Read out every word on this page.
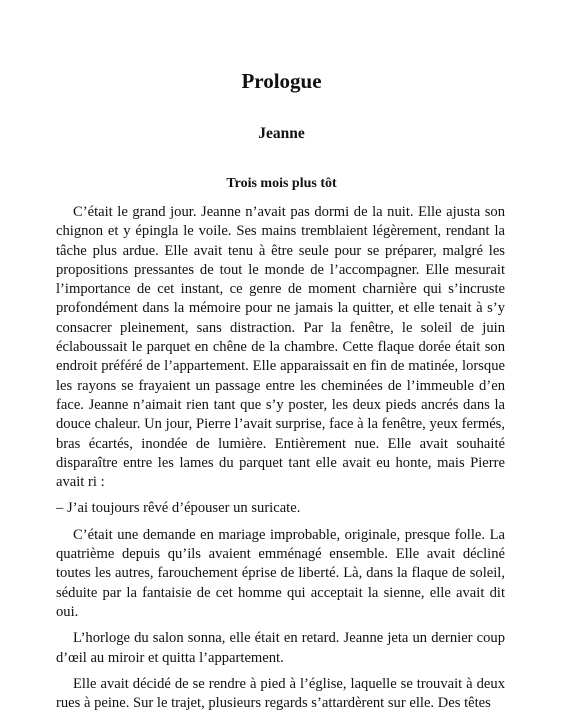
Prologue
Jeanne
Trois mois plus tôt

C’était le grand jour. Jeanne n’avait pas dormi de la nuit. Elle ajusta son chignon et y épingla le voile. Ses mains tremblaient légèrement, rendant la tâche plus ardue. Elle avait tenu à être seule pour se préparer, malgré les propositions pressantes de tout le monde de l’accompagner. Elle mesurait l’importance de cet instant, ce genre de moment charnière qui s’incruste profondément dans la mémoire pour ne jamais la quitter, et elle tenait à s’y consacrer pleinement, sans distraction. Par la fenêtre, le soleil de juin éclaboussait le parquet en chêne de la chambre. Cette flaque dorée était son endroit préféré de l’appartement. Elle apparaissait en fin de matinée, lorsque les rayons se frayaient un passage entre les cheminées de l’immeuble d’en face. Jeanne n’aimait rien tant que s’y poster, les deux pieds ancrés dans la douce chaleur. Un jour, Pierre l’avait surprise, face à la fenêtre, yeux fermés, bras écartés, inondée de lumière. Entièrement nue. Elle avait souhaité disparaître entre les lames du parquet tant elle avait eu honte, mais Pierre avait ri :

– J’ai toujours rêvé d’épouser un suricate.

C’était une demande en mariage improbable, originale, presque folle. La quatrième depuis qu’ils avaient emménagé ensemble. Elle avait décliné toutes les autres, farouchement éprise de liberté. Là, dans la flaque de soleil, séduite par la fantaisie de cet homme qui acceptait la sienne, elle avait dit oui.

L’horloge du salon sonna, elle était en retard. Jeanne jeta un dernier coup d’œil au miroir et quitta l’appartement.

Elle avait décidé de se rendre à pied à l’église, laquelle se trouvait à deux rues à peine. Sur le trajet, plusieurs regards s’attardèrent sur elle. Des têtes
